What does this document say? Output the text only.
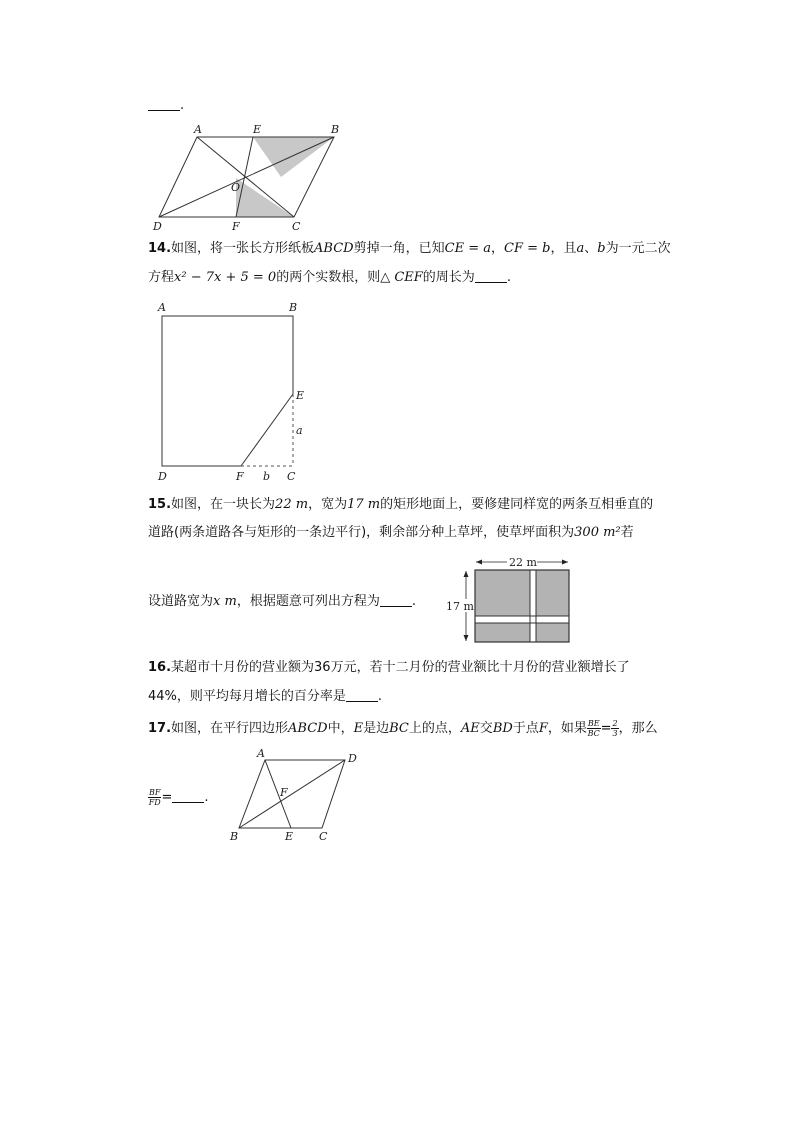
.
A	E	B
O
D	F	C
14.如图，将一张长方形纸板ABCD剪掉一角，已知CE = a，CF = b，且a、b为一元二次
方程x² − 7x + 5 = 0的两个实数根，则△ CEF的周长为 .
A	B
E
a
D	F b C
15.如图，在一块长为22 m，宽为17 m的矩形地面上，要修建同样宽的两条互相垂直的
道路(两条道路各与矩形的一条边平行)，剩余部分种上草坪，使草坪面积为300 m²若
设道路宽为x m，根据题意可列出方程为 .
22 m
17 m
16.某超市十月份的营业额为36万元，若十二月份的营业额比十月份的营业额增长了
44%，则平均每月增长的百分率是 .
17.如图，在平行四边形ABCD中，E是边BC上的点，AE交BD于点F，如果 $\frac{BE}{BC} = \frac{2}{3}$ ，那么
$\frac{BF}{FD}$ = .
A	D
F
B	E C
